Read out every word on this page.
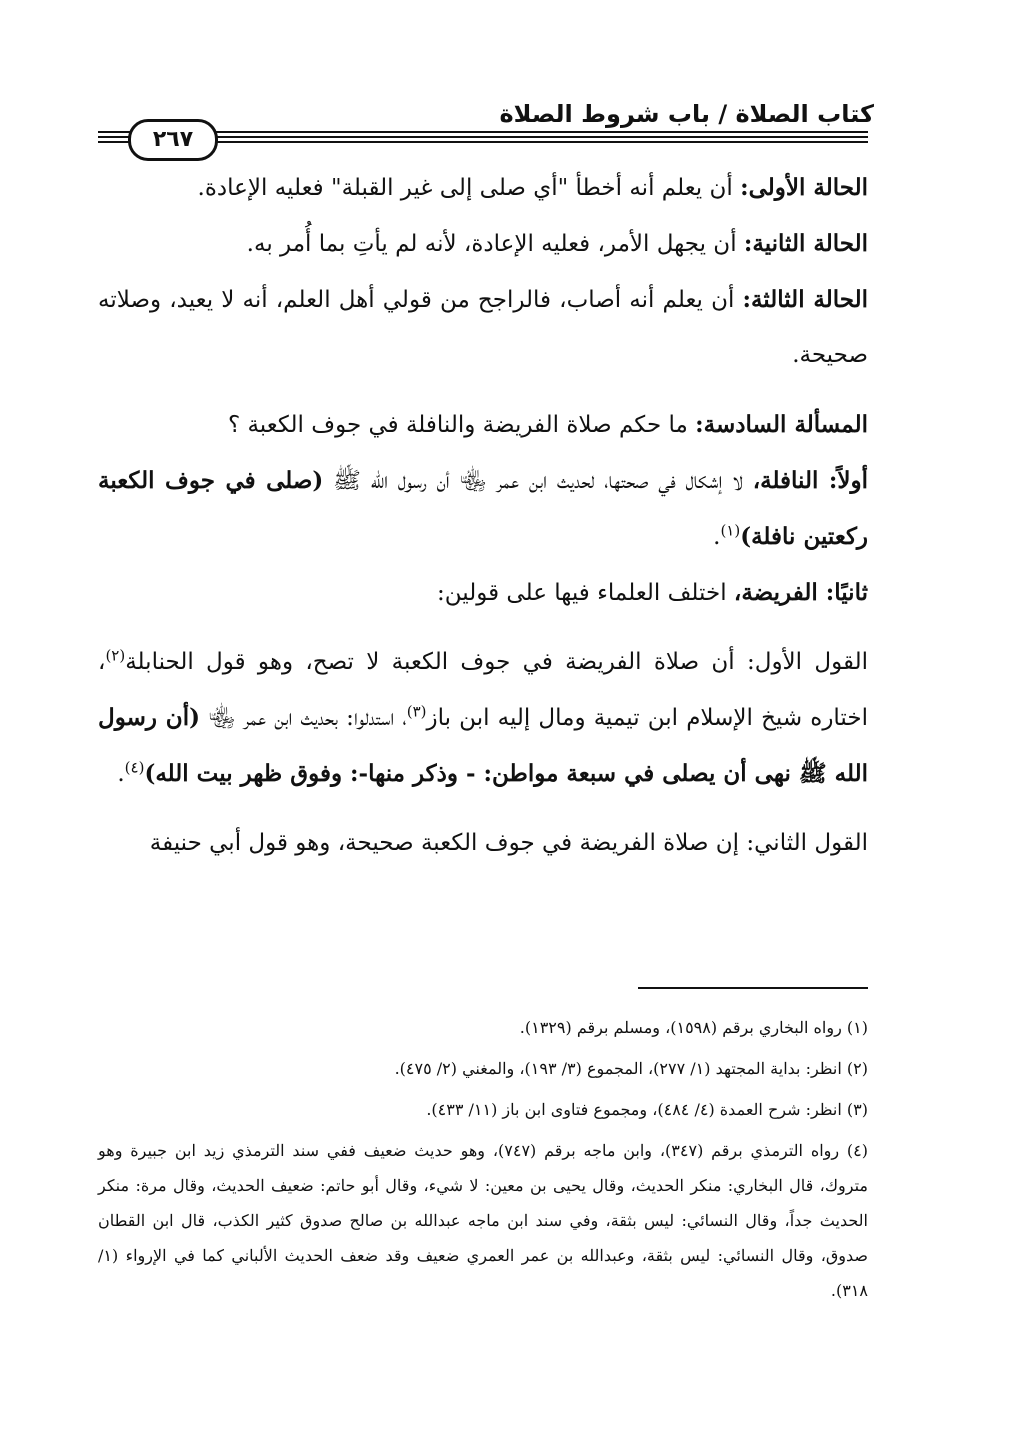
كتاب الصلاة / باب شروط الصلاة
٢٦٧

الحالة الأولى: أن يعلم أنه أخطأ "أي صلى إلى غير القبلة" فعليه الإعادة.

الحالة الثانية: أن يجهل الأمر، فعليه الإعادة، لأنه لم يأتِ بما أُمر به.

الحالة الثالثة: أن يعلم أنه أصاب، فالراجح من قولي أهل العلم، أنه لا يعيد، وصلاته صحيحة.

المسألة السادسة: ما حكم صلاة الفريضة والنافلة في جوف الكعبة ؟

أولاً: النافلة، لا إشكال في صحتها، لحديث ابن عمر ﵄ أن رسول الله ﷺ (صلى في جوف الكعبة ركعتين نافلة)$^{(١)}$.

ثانيًا: الفريضة، اختلف العلماء فيها على قولين:

القول الأول: أن صلاة الفريضة في جوف الكعبة لا تصح، وهو قول الحنابلة$^{(٢)}$، اختاره شيخ الإسلام ابن تيمية ومال إليه ابن باز$^{(٣)}$، استدلوا: بحديث ابن عمر ﵄ (أن رسول الله ﷺ نهى أن يصلى في سبعة مواطن: - وذكر منها-: وفوق ظهر بيت الله)$^{(٤)}$.

القول الثاني: إن صلاة الفريضة في جوف الكعبة صحيحة، وهو قول أبي حنيفة

(١) رواه البخاري برقم (١٥٩٨)، ومسلم برقم (١٣٢٩).

(٢) انظر: بداية المجتهد (١/ ٢٧٧)، المجموع (٣/ ١٩٣)، والمغني (٢/ ٤٧٥).

(٣) انظر: شرح العمدة (٤/ ٤٨٤)، ومجموع فتاوى ابن باز (١١/ ٤٣٣).

(٤) رواه الترمذي برقم (٣٤٧)، وابن ماجه برقم (٧٤٧)، وهو حديث ضعيف ففي سند الترمذي زيد ابن جبيرة وهو متروك، قال البخاري: منكر الحديث، وقال يحيى بن معين: لا شيء، وقال أبو حاتم: ضعيف الحديث، وقال مرة: منكر الحديث جداً، وقال النسائي: ليس بثقة، وفي سند ابن ماجه عبدالله بن صالح صدوق كثير الكذب، قال ابن القطان صدوق، وقال النسائي: ليس بثقة، وعبدالله بن عمر العمري ضعيف وقد ضعف الحديث الألباني كما في الإرواء (١/ ٣١٨).
